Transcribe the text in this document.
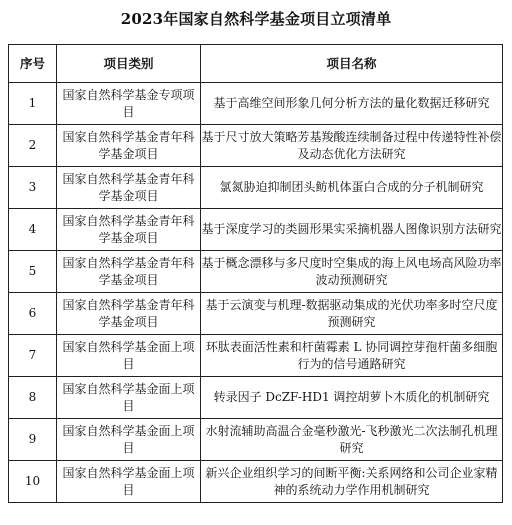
2023年国家自然科学基金项目立项清单
序号	项目类别	项目名称
1	国家自然科学基金专项项目	基于高维空间形象几何分析方法的量化数据迁移研究

2	国家自然科学基金青年科学基金项目	基于尺寸放大策略芳基羧酸连续制备过程中传递特性补偿及动态优化方法研究

3	国家自然科学基金青年科学基金项目	氯氮胁迫抑制团头鲂机体蛋白合成的分子机制研究

4	国家自然科学基金青年科学基金项目	基于深度学习的类圆形果实采摘机器人图像识别方法研究

5	国家自然科学基金青年科学基金项目	基于概念漂移与多尺度时空集成的海上风电场高风险功率波动预测研究

6	国家自然科学基金青年科学基金项目	基于云演变与机理-数据驱动集成的光伏功率多时空尺度预测研究

7	国家自然科学基金面上项目	环肽表面活性素和杆菌霉素 L 协同调控芽孢杆菌多细胞行为的信号通路研究

8	国家自然科学基金面上项目	转录因子 DcZF-HD1 调控胡萝卜木质化的机制研究

9	国家自然科学基金面上项目	水射流辅助高温合金毫秒激光-飞秒激光二次法制孔机理研究

10	国家自然科学基金面上项目	新兴企业组织学习的间断平衡:关系网络和公司企业家精神的系统动力学作用机制研究
